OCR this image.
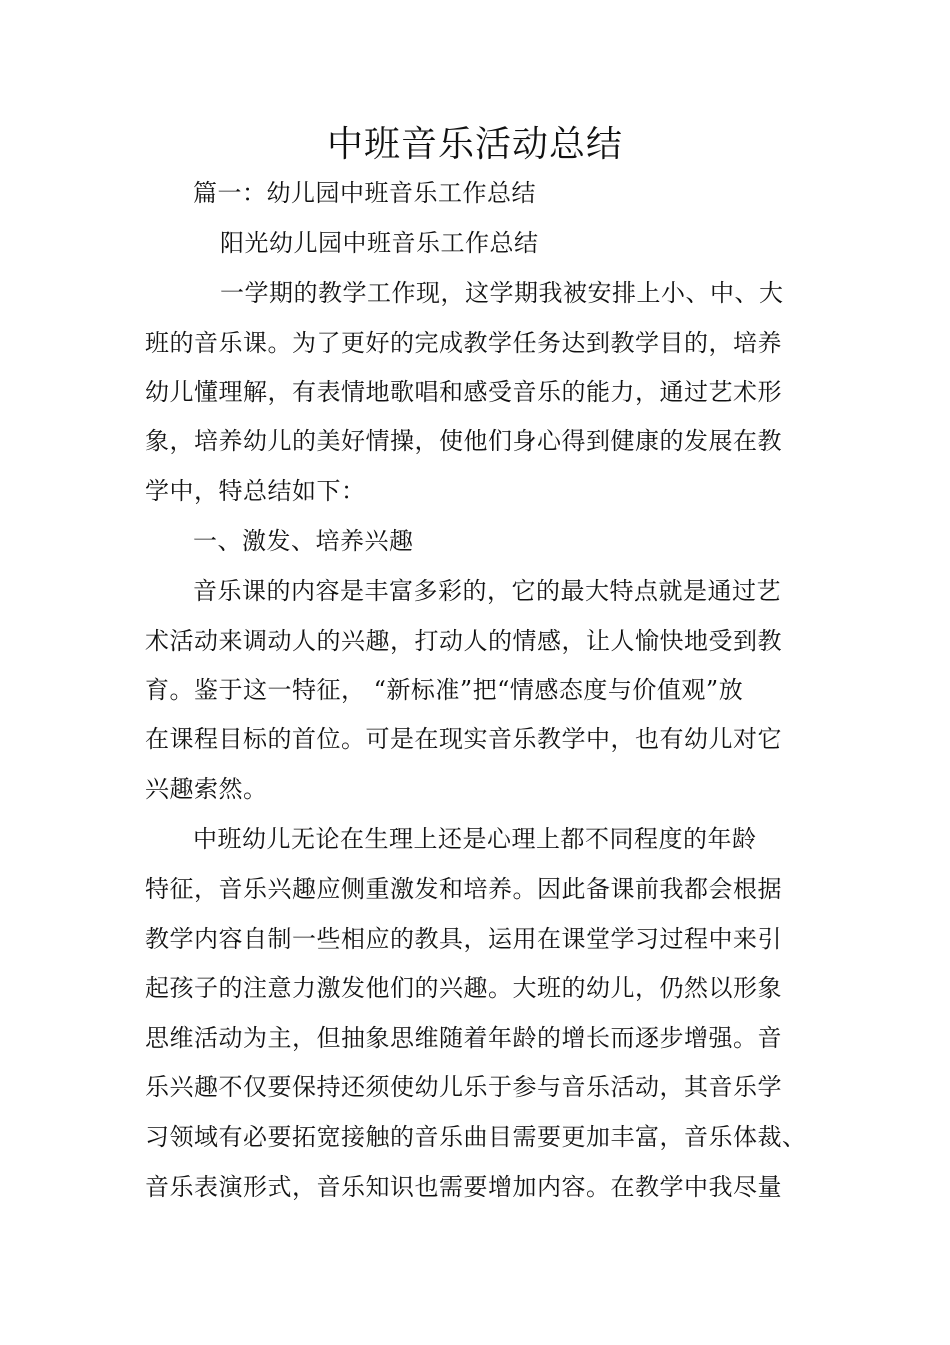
中班音乐活动总结
篇一：幼儿园中班音乐工作总结
阳光幼儿园中班音乐工作总结
一学期的教学工作现，这学期我被安排上小、中、大
班的音乐课。为了更好的完成教学任务达到教学目的，培养
幼儿懂理解，有表情地歌唱和感受音乐的能力，通过艺术形
象，培养幼儿的美好情操，使他们身心得到健康的发展在教
学中，特总结如下：
一、激发、培养兴趣
音乐课的内容是丰富多彩的，它的最大特点就是通过艺
术活动来调动人的兴趣，打动人的情感，让人愉快地受到教
育。鉴于这一特征， “新标准”把“情感态度与价值观”放
在课程目标的首位。可是在现实音乐教学中，也有幼儿对它
兴趣索然。
中班幼儿无论在生理上还是心理上都不同程度的年龄
特征，音乐兴趣应侧重激发和培养。因此备课前我都会根据
教学内容自制一些相应的教具，运用在课堂学习过程中来引
起孩子的注意力激发他们的兴趣。大班的幼儿，仍然以形象
思维活动为主，但抽象思维随着年龄的增长而逐步增强。音
乐兴趣不仅要保持还须使幼儿乐于参与音乐活动，其音乐学
习领域有必要拓宽接触的音乐曲目需要更加丰富，音乐体裁、
音乐表演形式，音乐知识也需要增加内容。在教学中我尽量
